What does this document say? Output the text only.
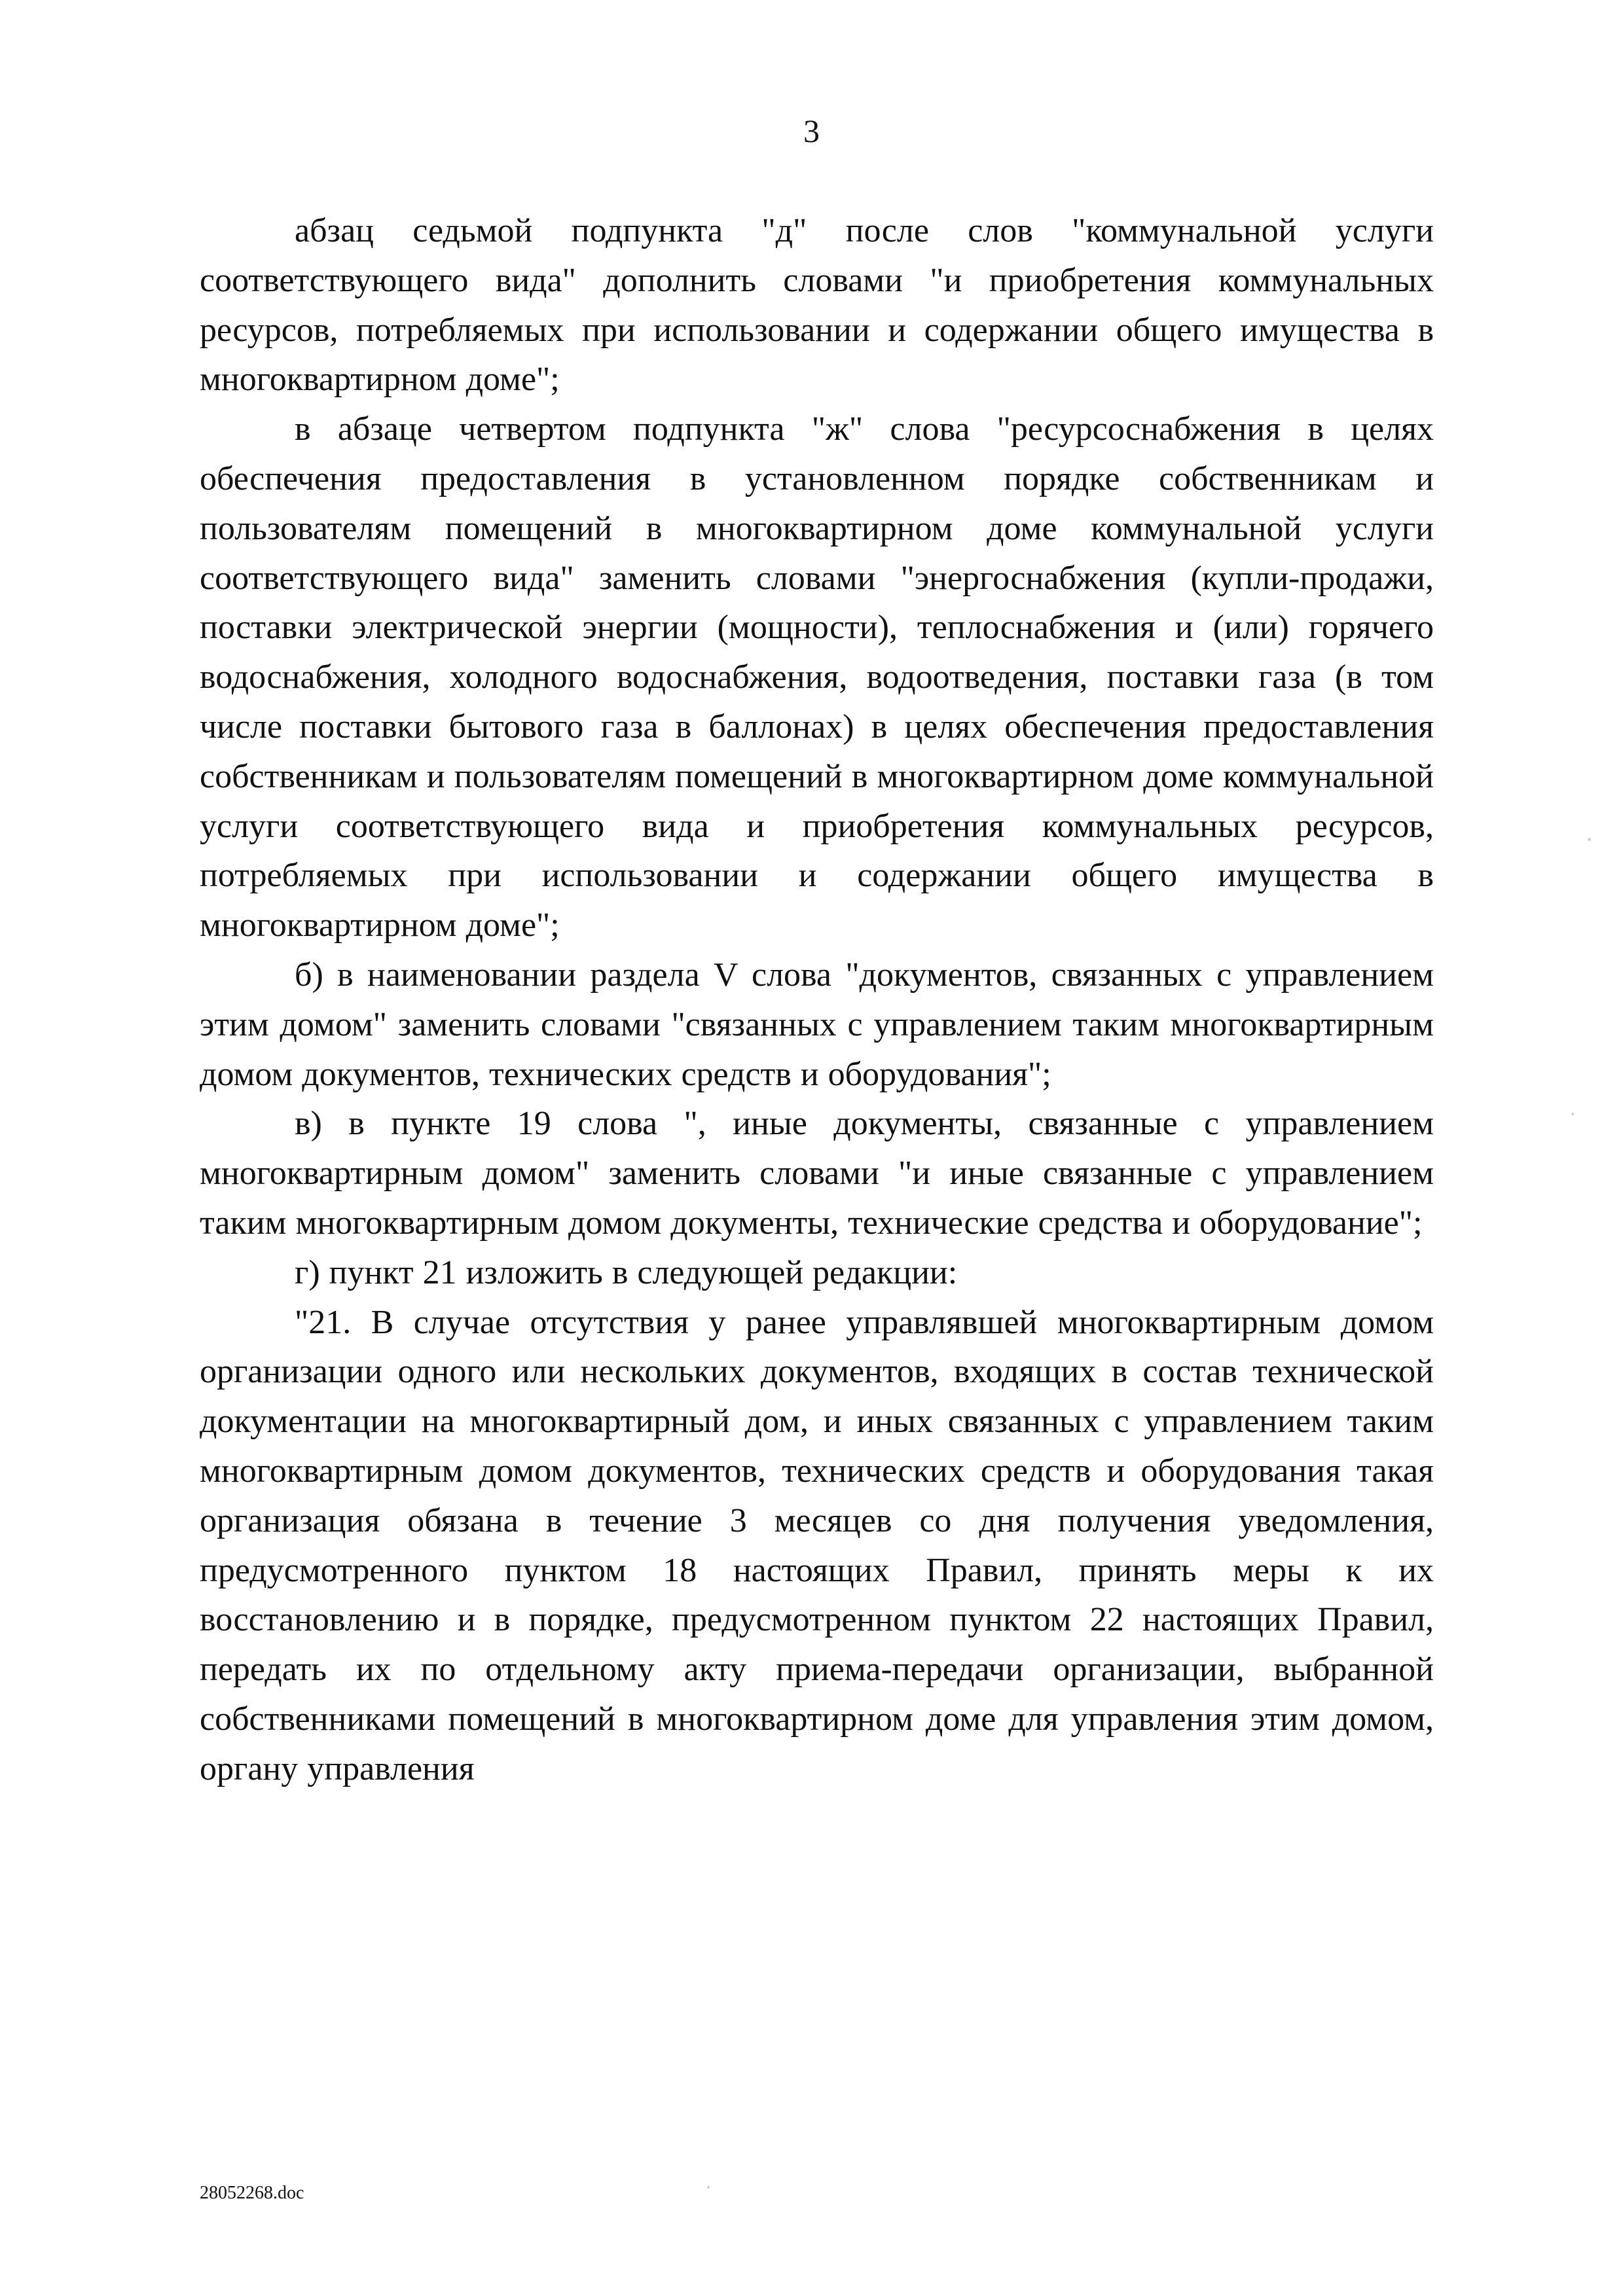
3

абзац седьмой подпункта "д" после слов "коммунальной услуги соответствующего вида" дополнить словами "и приобретения коммунальных ресурсов, потребляемых при использовании и содержании общего имущества в многоквартирном доме";

в абзаце четвертом подпункта "ж" слова "ресурсоснабжения в целях обеспечения предоставления в установленном порядке собственникам и пользователям помещений в многоквартирном доме коммунальной услуги соответствующего вида" заменить словами "энергоснабжения (купли-продажи, поставки электрической энергии (мощности), теплоснабжения и (или) горячего водоснабжения, холодного водоснабжения, водоотведения, поставки газа (в том числе поставки бытового газа в баллонах) в целях обеспечения предоставления собственникам и пользователям помещений в многоквартирном доме коммунальной услуги соответствующего вида и приобретения коммунальных ресурсов, потребляемых при использовании и содержании общего имущества в многоквартирном доме";

б) в наименовании раздела V слова "документов, связанных с управлением этим домом" заменить словами "связанных с управлением таким многоквартирным домом документов, технических средств и оборудования";

в) в пункте 19 слова ", иные документы, связанные с управлением многоквартирным домом" заменить словами "и иные связанные с управлением таким многоквартирным домом документы, технические средства и оборудование";

г) пункт 21 изложить в следующей редакции:

"21. В случае отсутствия у ранее управлявшей многоквартирным домом организации одного или нескольких документов, входящих в состав технической документации на многоквартирный дом, и иных связанных с управлением таким многоквартирным домом документов, технических средств и оборудования такая организация обязана в течение 3 месяцев со дня получения уведомления, предусмотренного пунктом 18 настоящих Правил, принять меры к их восстановлению и в порядке, предусмотренном пунктом 22 настоящих Правил, передать их по отдельному акту приема-передачи организации, выбранной собственниками помещений в многоквартирном доме для управления этим домом, органу управления

28052268.doc
